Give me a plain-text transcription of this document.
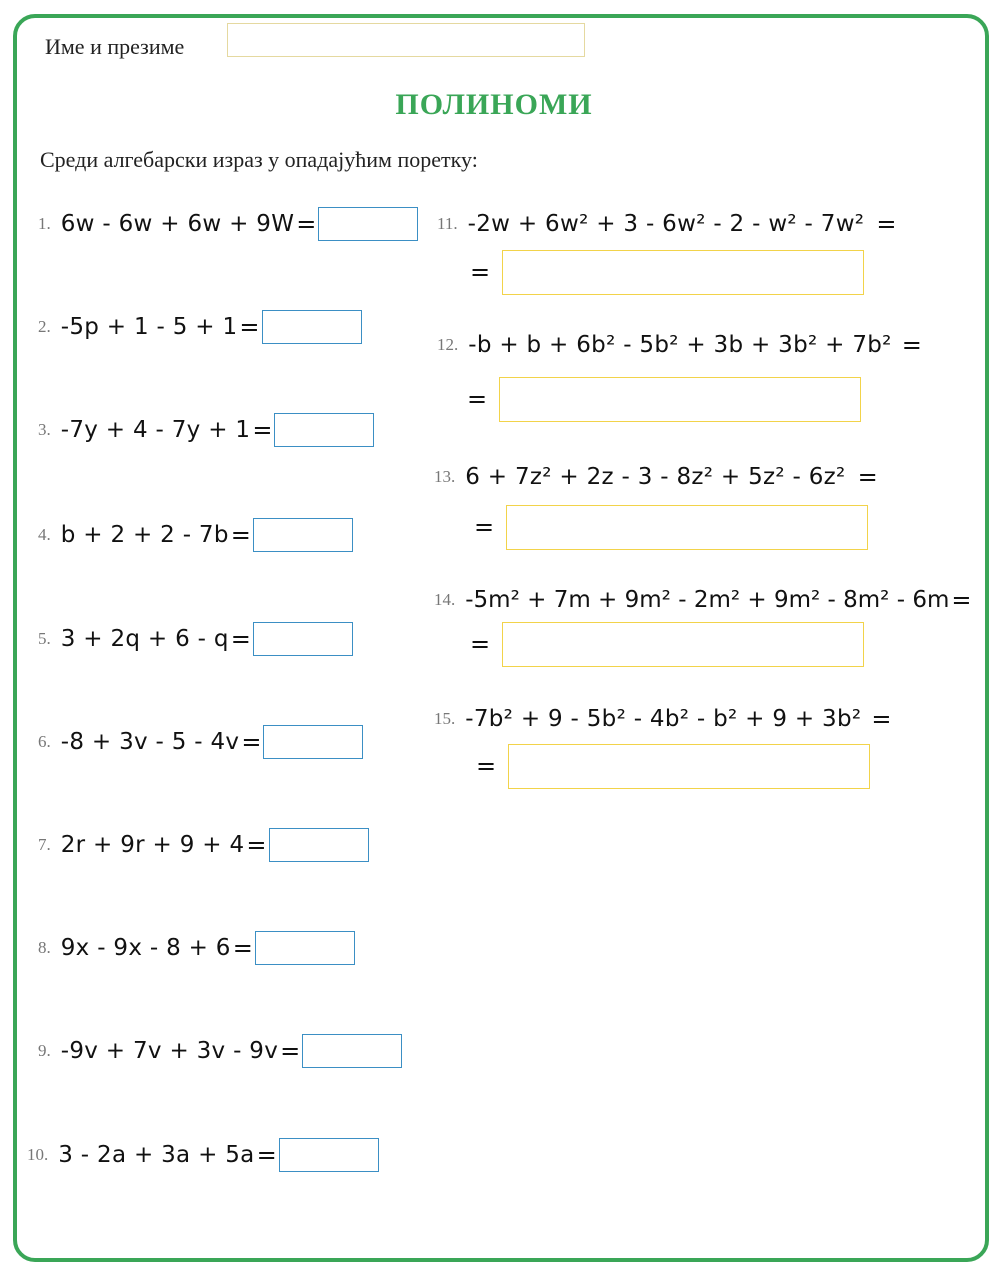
Име и презиме
ПОЛИНОМИ
Среди алгебарски израз у опадајућим поретку:
1. 6w - 6w + 6w + 9W =
2. -5p + 1 - 5 + 1 =
3. -7y + 4 - 7y + 1 =
4. b + 2 + 2 - 7b =
5. 3 + 2q + 6 - q =
6. -8 + 3v - 5 - 4v =
7. 2r + 9r + 9 + 4 =
8. 9x - 9x - 8 + 6 =
9. -9v + 7v + 3v - 9v =
10. 3 - 2a + 3a + 5a =
11. -2w + 6w² + 3 - 6w² - 2 - w² - 7w² =
=
12. -b + b + 6b² - 5b² + 3b + 3b² + 7b² =
=
13. 6 + 7z² + 2z - 3 - 8z² + 5z² - 6z² =
=
14. -5m² + 7m + 9m² - 2m² + 9m² - 8m² - 6m =
=
15. -7b² + 9 - 5b² - 4b² - b² + 9 + 3b² =
=
